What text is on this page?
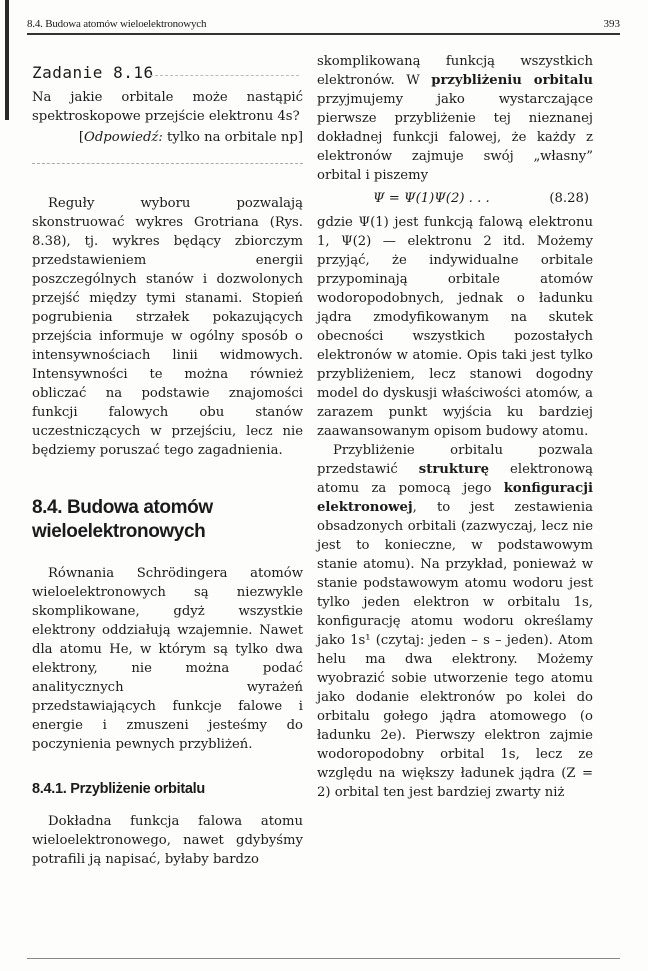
8.4. Budowa atomów wieloelektronowych	393
Zadanie 8.16

Na jakie orbitale może nastąpić spektroskopowe przejście elektronu 4s?

[Odpowiedź: tylko na orbitale np]

Reguły wyboru pozwalają skonstruować wykres Grotriana (Rys. 8.38), tj. wykres będący zbiorczym przedstawieniem energii poszczególnych stanów i dozwolonych przejść między tymi stanami. Stopień pogrubienia strzałek pokazujących przejścia informuje w ogólny sposób o intensywnościach linii widmowych. Intensywności te można również obliczać na podstawie znajomości funkcji falowych obu stanów uczestniczących w przejściu, lecz nie będziemy poruszać tego zagadnienia.

8.4. Budowa atomów wieloelektronowych

Równania Schrödingera atomów wieloelektronowych są niezwykle skomplikowane, gdyż wszystkie elektrony oddziałują wzajemnie. Nawet dla atomu He, w którym są tylko dwa elektrony, nie można podać analitycznych wyrażeń przedstawiających funkcje falowe i energie i zmuszeni jesteśmy do poczynienia pewnych przybliżeń.

8.4.1. Przybliżenie orbitalu

Dokładna funkcja falowa atomu wieloelektronowego, nawet gdybyśmy potrafili ją napisać, byłaby bardzo

skomplikowaną funkcją wszystkich elektronów. W przybliżeniu orbitalu przyjmujemy jako wystarczające pierwsze przybliżenie tej nieznanej dokładnej funkcji falowej, że każdy z elektronów zajmuje swój „własny” orbital i piszemy

Ψ = Ψ(1)Ψ(2) . . .	(8.28)

gdzie Ψ(1) jest funkcją falową elektronu 1, Ψ(2) — elektronu 2 itd. Możemy przyjąć, że indywidualne orbitale przypominają orbitale atomów wodoropodobnych, jednak o ładunku jądra zmodyfikowanym na skutek obecności wszystkich pozostałych elektronów w atomie. Opis taki jest tylko przybliżeniem, lecz stanowi dogodny model do dyskusji właściwości atomów, a zarazem punkt wyjścia ku bardziej zaawansowanym opisom budowy atomu.

Przybliżenie orbitalu pozwala przedstawić strukturę elektronową atomu za pomocą jego konfiguracji elektronowej, to jest zestawienia obsadzonych orbitali (zazwyczaj, lecz nie jest to konieczne, w podstawowym stanie atomu). Na przykład, ponieważ w stanie podstawowym atomu wodoru jest tylko jeden elektron w orbitalu 1s, konfigurację atomu wodoru określamy jako 1s¹ (czytaj: jeden – s – jeden). Atom helu ma dwa elektrony. Możemy wyobrazić sobie utworzenie tego atomu jako dodanie elektronów po kolei do orbitalu gołego jądra atomowego (o ładunku 2e). Pierwszy elektron zajmie wodoropodobny orbital 1s, lecz ze względu na większy ładunek jądra (Z = 2) orbital ten jest bardziej zwarty niż
